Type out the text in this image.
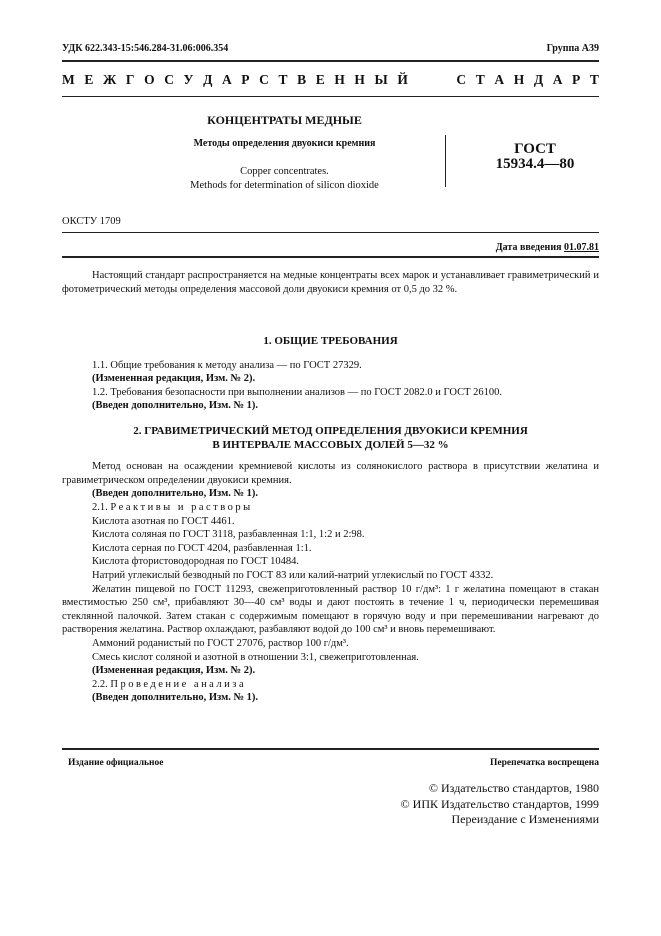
УДК 622.343-15:546.284-31.06:006.354	Группа А39
М Е Ж Г О С У Д А Р С Т В Е Н Н Ы Й

	С Т А Н Д А Р Т
КОНЦЕНТРАТЫ МЕДНЫЕ
Методы определения двуокиси кремния
Copper concentrates.
Methods for determination of silicon dioxide
ГОСТ
15934.4—80
ОКСТУ 1709
Дата введения 01.07.81

Настоящий стандарт распространяется на медные концентраты всех марок и устанавливает гравиметрический и фотометрический методы определения массовой доли двуокиси кремния от 0,5 до 32 %.

1. ОБЩИЕ ТРЕБОВАНИЯ

1.1. Общие требования к методу анализа — по ГОСТ 27329.

(Измененная редакция, Изм. № 2).

1.2. Требования безопасности при выполнении анализов — по ГОСТ 2082.0 и ГОСТ 26100.

(Введен дополнительно, Изм. № 1).

2. ГРАВИМЕТРИЧЕСКИЙ МЕТОД ОПРЕДЕЛЕНИЯ ДВУОКИСИ КРЕМНИЯ

В ИНТЕРВАЛЕ МАССОВЫХ ДОЛЕЙ 5—32 %

Метод основан на осаждении кремниевой кислоты из солянокислого раствора в присутствии желатина и гравиметрическом определении двуокиси кремния.

(Введен дополнительно, Изм. № 1).

2.1. Реактивы и растворы

Кислота азотная по ГОСТ 4461.

Кислота соляная по ГОСТ 3118, разбавленная 1:1, 1:2 и 2:98.

Кислота серная по ГОСТ 4204, разбавленная 1:1.

Кислота фтористоводородная по ГОСТ 10484.

Натрий углекислый безводный по ГОСТ 83 или калий-натрий углекислый по ГОСТ 4332.

Желатин пищевой по ГОСТ 11293, свежеприготовленный раствор 10 г/дм³: 1 г желатина помещают в стакан вместимостью 250 см³, прибавляют 30—40 см³ воды и дают постоять в течение 1 ч, периодически перемешивая стеклянной палочкой. Затем стакан с содержимым помещают в горячую воду и при перемешивании нагревают до растворения желатина. Раствор охлаждают, разбавляют водой до 100 см³ и вновь перемешивают.

Аммоний роданистый по ГОСТ 27076, раствор 100 г/дм³.

Смесь кислот соляной и азотной в отношении 3:1, свежеприготовленная.

(Измененная редакция, Изм. № 2).

2.2. Проведение анализа

(Введен дополнительно, Изм. № 1).

Издание официальное	Перепечатка воспрещена
© Издательство стандартов, 1980
© ИПК Издательство стандартов, 1999
Переиздание с Изменениями
